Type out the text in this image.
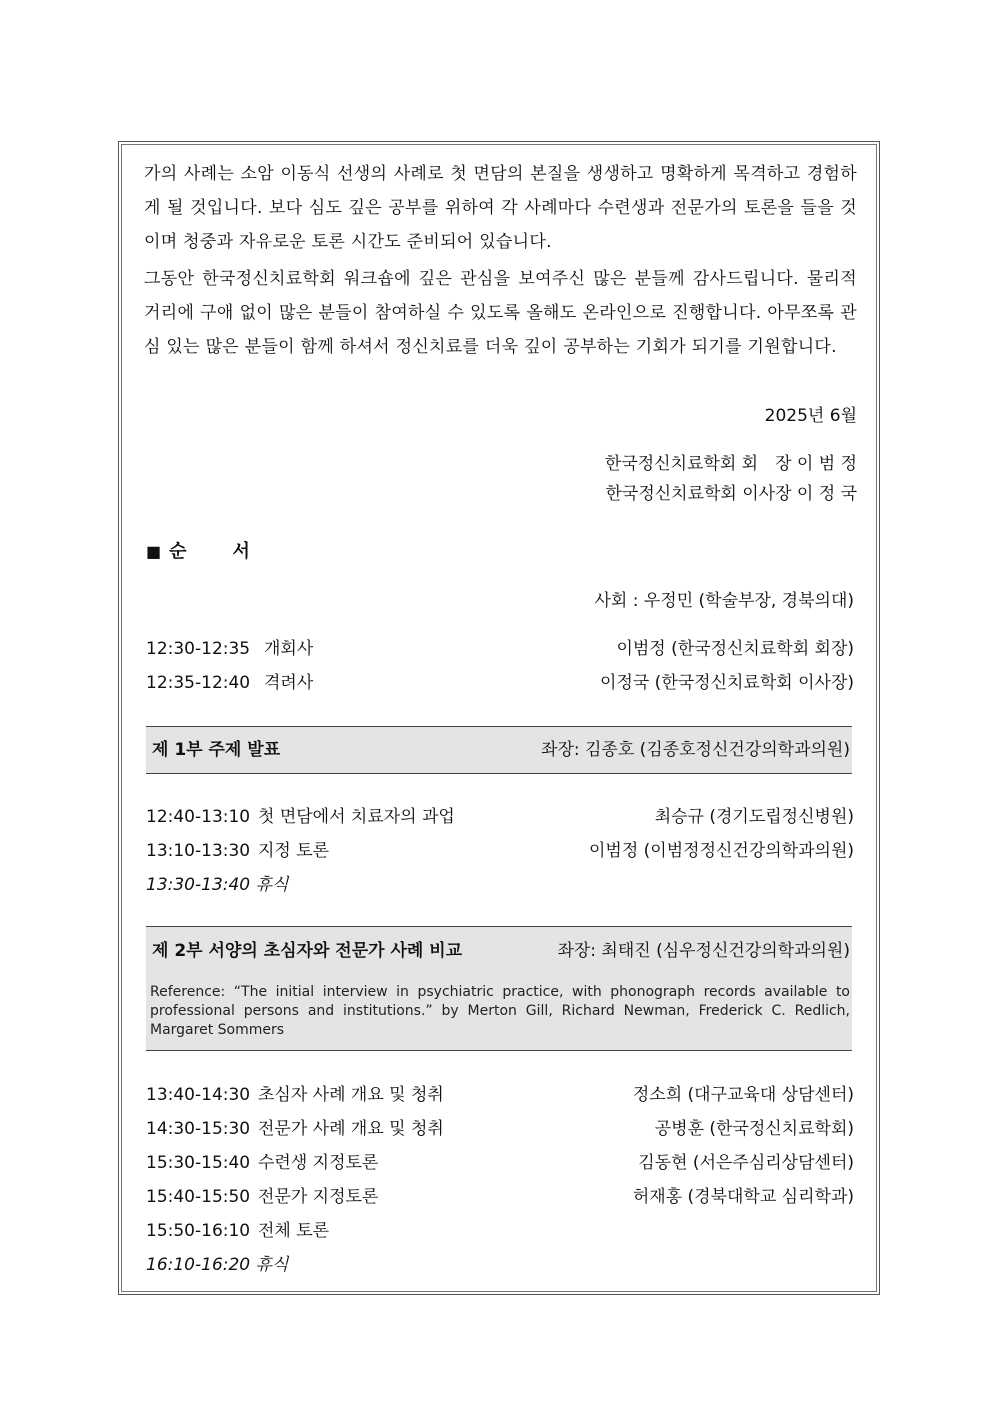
가의 사례는 소암 이동식 선생의 사례로 첫 면담의 본질을 생생하고 명확하게 목격하고 경험하게 될 것입니다. 보다 심도 깊은 공부를 위하여 각 사례마다 수련생과 전문가의 토론을 들을 것이며 청중과 자유로운 토론 시간도 준비되어 있습니다.

그동안 한국정신치료학회 워크숍에 깊은 관심을 보여주신 많은 분들께 감사드립니다. 물리적 거리에 구애 없이 많은 분들이 참여하실 수 있도록 올해도 온라인으로 진행합니다. 아무쪼록 관심 있는 많은 분들이 함께 하셔서 정신치료를 더욱 깊이 공부하는 기회가 되기를 기원합니다.

2025년 6월
한국정신치료학회 회　장 이 범 정
한국정신치료학회 이사장 이 정 국
■ 순	서
사회 : 우정민 (학술부장, 경북의대)
12:30-12:35 개회사	이범정 (한국정신치료학회 회장)
12:35-12:40 격려사	이정국 (한국정신치료학회 이사장)
제 1부 주제 발표	좌장: 김종호 (김종호정신건강의학과의원)
12:40-13:10 첫 면담에서 치료자의 과업	최승규 (경기도립정신병원)
13:10-13:30 지정 토론	이범정 (이범정정신건강의학과의원)
13:30-13:40 휴식
제 2부 서양의 초심자와 전문가 사례 비교	좌장: 최태진 (심우정신건강의학과의원)
Reference: “The initial interview in psychiatric practice, with phonograph records available to professional persons and institutions.” by Merton Gill, Richard Newman, Frederick C. Redlich, Margaret Sommers
13:40-14:30 초심자 사례 개요 및 청취	정소희 (대구교육대 상담센터)
14:30-15:30 전문가 사례 개요 및 청취	공병훈 (한국정신치료학회)
15:30-15:40 수련생 지정토론	김동현 (서은주심리상담센터)
15:40-15:50 전문가 지정토론	허재홍 (경북대학교 심리학과)
15:50-16:10 전체 토론
16:10-16:20 휴식
